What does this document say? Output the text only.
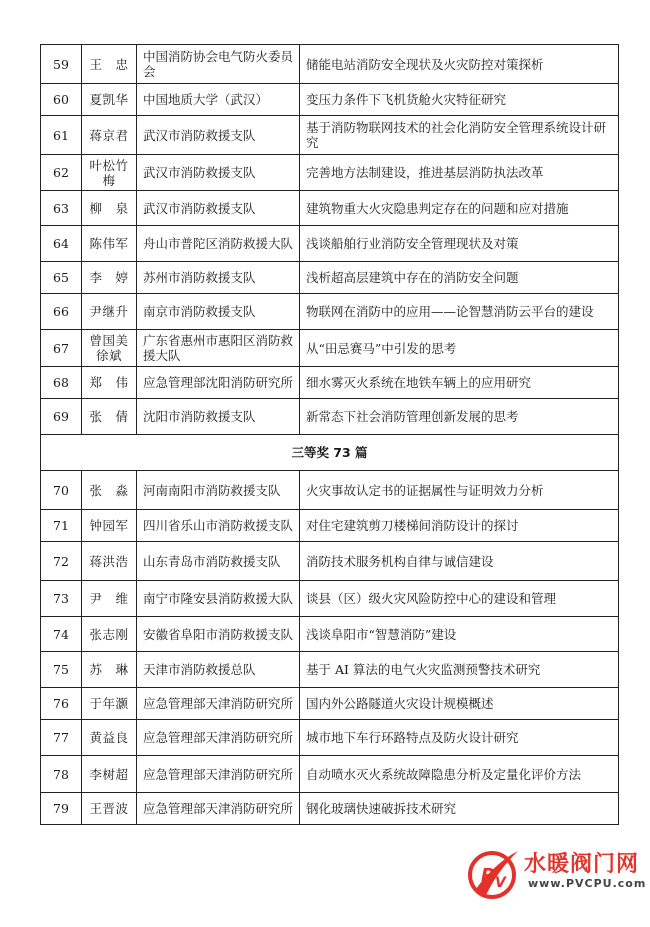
59	王　忠	中国消防协会电气防火委员会	储能电站消防安全现状及火灾防控对策探析
60	夏凯华	中国地质大学（武汉）	变压力条件下飞机货舱火灾特征研究
61	蒋京君	武汉市消防救援支队	基于消防物联网技术的社会化消防安全管理系统设计研究
62	叶松竹梅	武汉市消防救援支队	完善地方法制建设，推进基层消防执法改革
63	柳　泉	武汉市消防救援支队	建筑物重大火灾隐患判定存在的问题和应对措施
64	陈伟军	舟山市普陀区消防救援大队	浅谈船舶行业消防安全管理现状及对策
65	李　婷	苏州市消防救援支队	浅析超高层建筑中存在的消防安全问题
66	尹继升	南京市消防救援支队	物联网在消防中的应用——论智慧消防云平台的建设
67	曾国美 徐斌	广东省惠州市惠阳区消防救援大队	从“田忌赛马”中引发的思考
68	郑　伟	应急管理部沈阳消防研究所	细水雾灭火系统在地铁车辆上的应用研究
69	张　倩	沈阳市消防救援支队	新常态下社会消防管理创新发展的思考
三等奖 73 篇			
70	张　淼	河南南阳市消防救援支队	火灾事故认定书的证据属性与证明效力分析
71	钟园军	四川省乐山市消防救援支队	对住宅建筑剪刀楼梯间消防设计的探讨
72	蒋洪浩	山东青岛市消防救援支队	消防技术服务机构自律与诚信建设
73	尹　维	南宁市隆安县消防救援大队	谈县（区）级火灾风险防控中心的建设和管理
74	张志刚	安徽省阜阳市消防救援支队	浅谈阜阳市“智慧消防”建设
75	苏　琳	天津市消防救援总队	基于 AI 算法的电气火灾监测预警技术研究
76	于年灏	应急管理部天津消防研究所	国内外公路隧道火灾设计规模概述
77	黄益良	应急管理部天津消防研究所	城市地下车行环路特点及防火设计研究
78	李树超	应急管理部天津消防研究所	自动喷水灭火系统故障隐患分析及定量化评价方法
79	王晋波	应急管理部天津消防研究所	钢化玻璃快速破拆技术研究
P V
水暖阀门网
www.PVCPU.com
